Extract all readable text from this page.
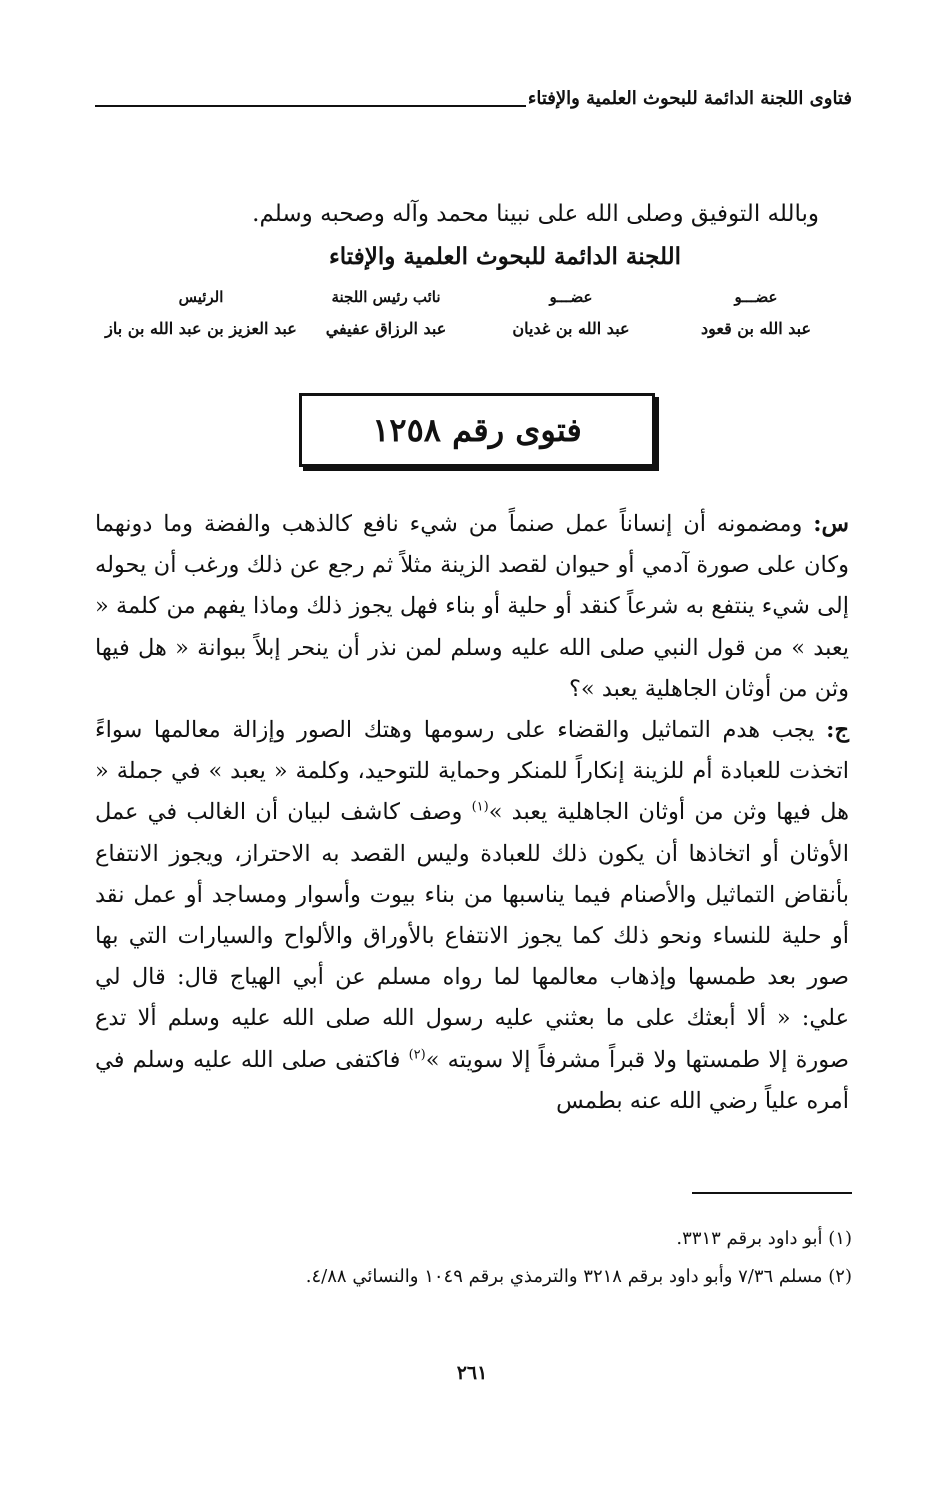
فتاوى اللجنة الدائمة للبحوث العلمية والإفتاء
وبالله التوفيق وصلى الله على نبينا محمد وآله وصحبه وسلم.
اللجنة الدائمة للبحوث العلمية والإفتاء
عضـــو
عبد الله بن قعود
عضـــو
عبد الله بن غديان
نائب رئيس اللجنة
عبد الرزاق عفيفي
الرئيس
عبد العزيز بن عبد الله بن باز
فتوى رقم ١٢٥٨

س: ومضمونه أن إنساناً عمل صنماً من شيء نافع كالذهب والفضة وما دونهما وكان على صورة آدمي أو حيوان لقصد الزينة مثلاً ثم رجع عن ذلك ورغب أن يحوله إلى شيء ينتفع به شرعاً كنقد أو حلية أو بناء فهل يجوز ذلك وماذا يفهم من كلمة « يعبد » من قول النبي صلى الله عليه وسلم لمن نذر أن ينحر إبلاً ببوانة « هل فيها وثن من أوثان الجاهلية يعبد »؟

ج: يجب هدم التماثيل والقضاء على رسومها وهتك الصور وإزالة معالمها سواءً اتخذت للعبادة أم للزينة إنكاراً للمنكر وحماية للتوحيد، وكلمة « يعبد » في جملة « هل فيها وثن من أوثان الجاهلية يعبد »$^{(١)}$ وصف كاشف لبيان أن الغالب في عمل الأوثان أو اتخاذها أن يكون ذلك للعبادة وليس القصد به الاحتراز، ويجوز الانتفاع بأنقاض التماثيل والأصنام فيما يناسبها من بناء بيوت وأسوار ومساجد أو عمل نقد أو حلية للنساء ونحو ذلك كما يجوز الانتفاع بالأوراق والألواح والسيارات التي بها صور بعد طمسها وإذهاب معالمها لما رواه مسلم عن أبي الهياج قال: قال لي علي: « ألا أبعثك على ما بعثني عليه رسول الله صلى الله عليه وسلم ألا تدع صورة إلا طمستها ولا قبراً مشرفاً إلا سويته »$^{(٢)}$ فاكتفى صلى الله عليه وسلم في أمره علياً رضي الله عنه بطمس

(١) أبو داود برقم ٣٣١٣.

(٢) مسلم ٧/٣٦ وأبو داود برقم ٣٢١٨ والترمذي برقم ١٠٤٩ والنسائي ٤/٨٨.

٢٦١
